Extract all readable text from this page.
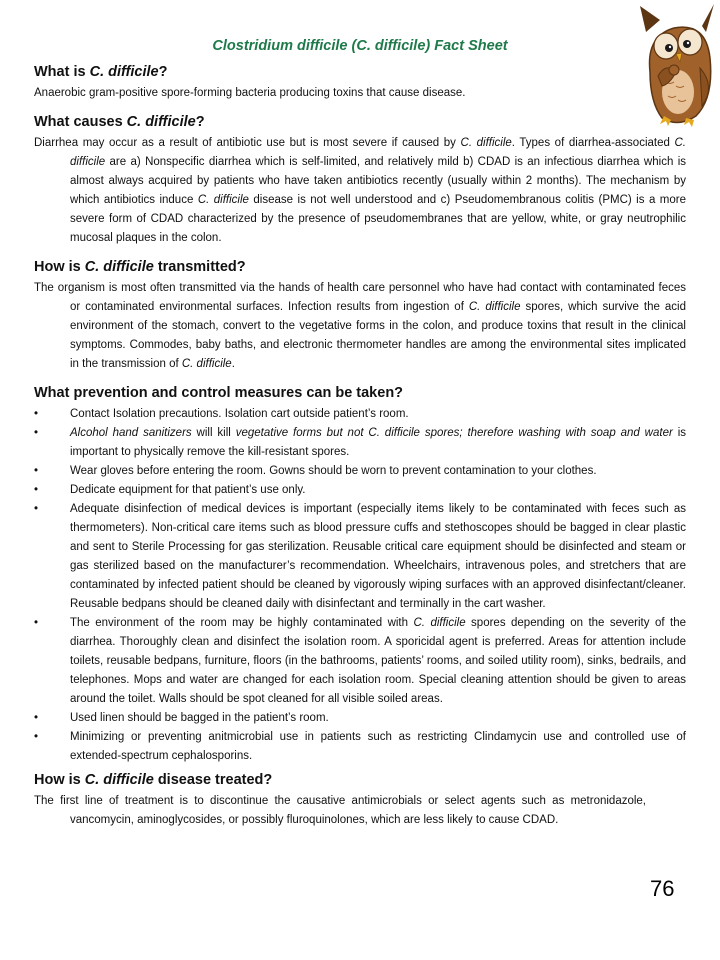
Clostridium difficile (C. difficile) Fact Sheet
What is C. difficile?

Anaerobic gram-positive spore-forming bacteria producing toxins that cause disease.

What causes C. difficile?

Diarrhea may occur as a result of antibiotic use but is most severe if caused by C. difficile. Types of diarrhea-associated C. difficile are a) Nonspecific diarrhea which is self-limited, and relatively mild b) CDAD is an infectious diarrhea which is almost always acquired by patients who have taken antibiotics recently (usually within 2 months). The mechanism by which antibiotics induce C. difficile disease is not well understood and c) Pseudomembranous colitis (PMC) is a more severe form of CDAD characterized by the presence of pseudomembranes that are yellow, white, or gray neutrophilic mucosal plaques in the colon.

How is C. difficile transmitted?

The organism is most often transmitted via the hands of health care personnel who have had contact with contaminated feces or contaminated environmental surfaces. Infection results from ingestion of C. difficile spores, which survive the acid environment of the stomach, convert to the vegetative forms in the colon, and produce toxins that result in the clinical symptoms. Commodes, baby baths, and electronic thermometer handles are among the environmental sites implicated in the transmission of C. difficile.

What prevention and control measures can be taken?
•	Contact Isolation precautions. Isolation cart outside patient’s room.
•	Alcohol hand sanitizers will kill vegetative forms but not C. difficile spores; therefore washing with soap and water is important to physically remove the kill-resistant spores.
•	Wear gloves before entering the room. Gowns should be worn to prevent contamination to your clothes.
•	Dedicate equipment for that patient’s use only.
•	Adequate disinfection of medical devices is important (especially items likely to be contaminated with feces such as thermometers). Non-critical care items such as blood pressure cuffs and stethoscopes should be bagged in clear plastic and sent to Sterile Processing for gas sterilization. Reusable critical care equipment should be disinfected and steam or gas sterilized based on the manufacturer’s recommendation. Wheelchairs, intravenous poles, and stretchers that are contaminated by infected patient should be cleaned by vigorously wiping surfaces with an approved disinfectant/cleaner. Reusable bedpans should be cleaned daily with disinfectant and terminally in the cart washer.
•	The environment of the room may be highly contaminated with C. difficile spores depending on the severity of the diarrhea. Thoroughly clean and disinfect the isolation room. A sporicidal agent is preferred. Areas for attention include toilets, reusable bedpans, furniture, floors (in the bathrooms, patients’ rooms, and soiled utility room), sinks, bedrails, and telephones. Mops and water are changed for each isolation room. Special cleaning attention should be given to areas around the toilet. Walls should be spot cleaned for all visible soiled areas.
•	Used linen should be bagged in the patient’s room.
•	Minimizing or preventing anitmicrobial use in patients such as restricting Clindamycin use and controlled use of extended-spectrum cephalosporins.
How is C. difficile disease treated?

The first line of treatment is to discontinue the causative antimicrobials or select agents such as metronidazole, vancomycin, aminoglycosides, or possibly fluroquinolones, which are less likely to cause CDAD.

76
